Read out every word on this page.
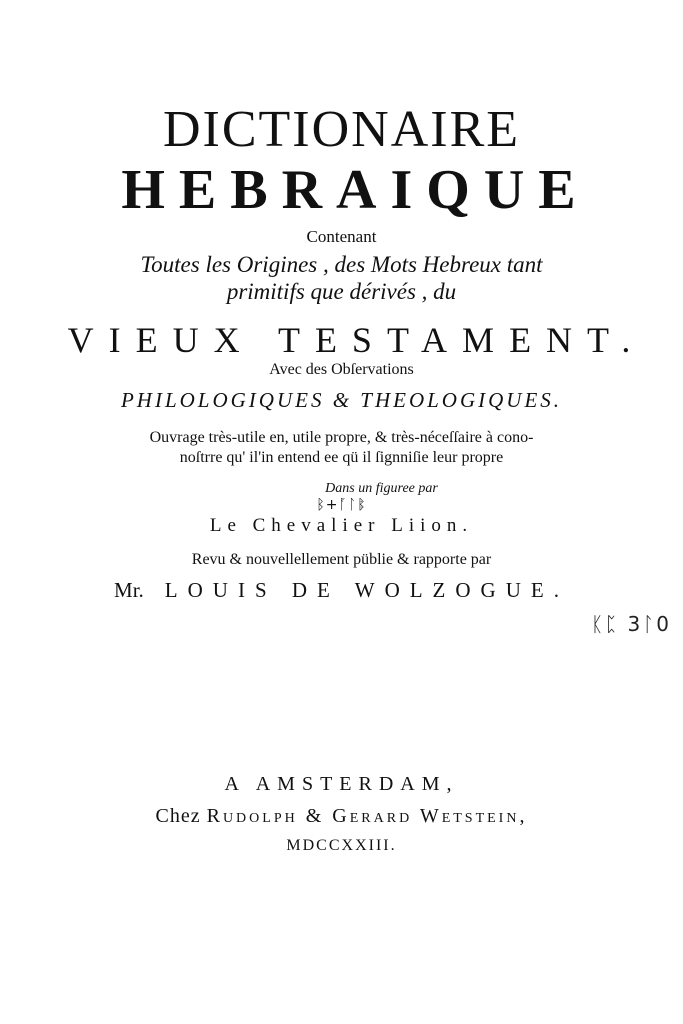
DICTIONAIRE
HEBRAIQUE
Contenant
Toutes les Origines , des Mots Hebreux tant
primitifs que dérivés , du
VIEUX TESTAMENT.
Avec des Obſervations
PHILOLOGIQUES & THEOLOGIQUES.
Ouvrage très-utile en, utile propre, & très-néceſſaire à cono-
noſtrre qu' il'in entend ee qü il ſignniſie leur propre
Dans un figuree par
ᛒ+ᚪᛚᛔ
Le Chevalier Liion.
Revu & nouvellellement püblie & rapporte par
Mr. LOUIS DE WOLZOGUE.
ᛕᛈ 3ᛚ0
A AMSTERDAM,
Chez Rudolph & Gerard Wetstein,
MDCCXXIII.
